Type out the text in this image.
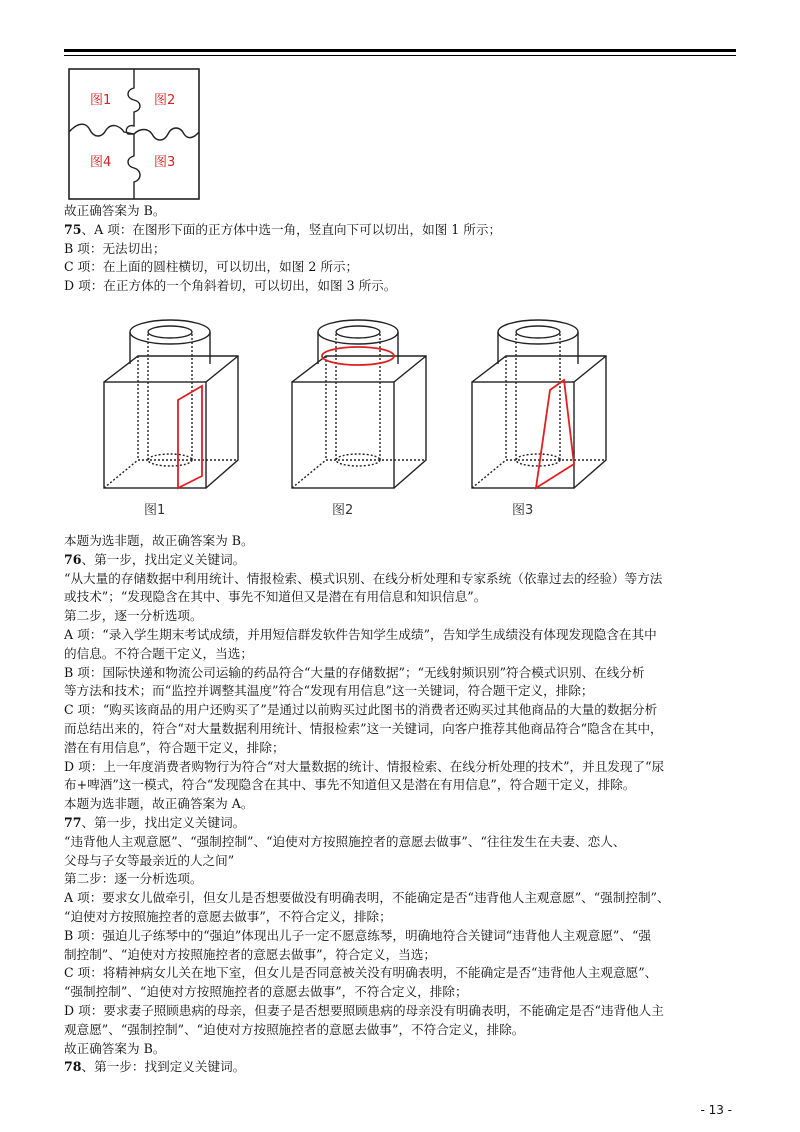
图1	图2
图4	图3
故正确答案为 B。
75、A 项：在图形下面的正方体中选一角，竖直向下可以切出，如图 1 所示；
B 项：无法切出；
C 项：在上面的圆柱横切，可以切出，如图 2 所示；
D 项：在正方体的一个角斜着切，可以切出，如图 3 所示。
图1	图2	图3
本题为选非题，故正确答案为 B。
76、第一步，找出定义关键词。
“从大量的存储数据中利用统计、情报检索、模式识别、在线分析处理和专家系统（依靠过去的经验）等方法
或技术”；“发现隐含在其中、事先不知道但又是潜在有用信息和知识信息”。
第二步，逐一分析选项。
A 项：“录入学生期末考试成绩，并用短信群发软件告知学生成绩”，告知学生成绩没有体现发现隐含在其中
的信息。不符合题干定义，当选；
B 项：国际快递和物流公司运输的药品符合“大量的存储数据”；“无线射频识别”符合模式识别、在线分析
等方法和技术；而“监控并调整其温度”符合“发现有用信息”这一关键词，符合题干定义，排除；
C 项：“购买该商品的用户还购买了”是通过以前购买过此图书的消费者还购买过其他商品的大量的数据分析
而总结出来的，符合“对大量数据利用统计、情报检索”这一关键词，向客户推荐其他商品符合“隐含在其中，
潜在有用信息”，符合题干定义，排除；
D 项：上一年度消费者购物行为符合“对大量数据的统计、情报检索、在线分析处理的技术”，并且发现了“尿
布+啤酒”这一模式，符合“发现隐含在其中、事先不知道但又是潜在有用信息”，符合题干定义，排除。
本题为选非题，故正确答案为 A。
77、第一步，找出定义关键词。
“违背他人主观意愿”、“强制控制”、“迫使对方按照施控者的意愿去做事”、“往往发生在夫妻、恋人、
父母与子女等最亲近的人之间”
第二步：逐一分析选项。
A 项：要求女儿做牵引，但女儿是否想要做没有明确表明，不能确定是否“违背他人主观意愿”、“强制控制”、
“迫使对方按照施控者的意愿去做事”，不符合定义，排除；
B 项：强迫儿子练琴中的“强迫”体现出儿子一定不愿意练琴，明确地符合关键词“违背他人主观意愿”、“强
制控制”、“迫使对方按照施控者的意愿去做事”，符合定义，当选；
C 项：将精神病女儿关在地下室，但女儿是否同意被关没有明确表明，不能确定是否“违背他人主观意愿”、
“强制控制”、“迫使对方按照施控者的意愿去做事”，不符合定义，排除；
D 项：要求妻子照顾患病的母亲，但妻子是否想要照顾患病的母亲没有明确表明，不能确定是否“违背他人主
观意愿”、“强制控制”、“迫使对方按照施控者的意愿去做事”，不符合定义，排除。
故正确答案为 B。
78、第一步：找到定义关键词。
- 13 -
